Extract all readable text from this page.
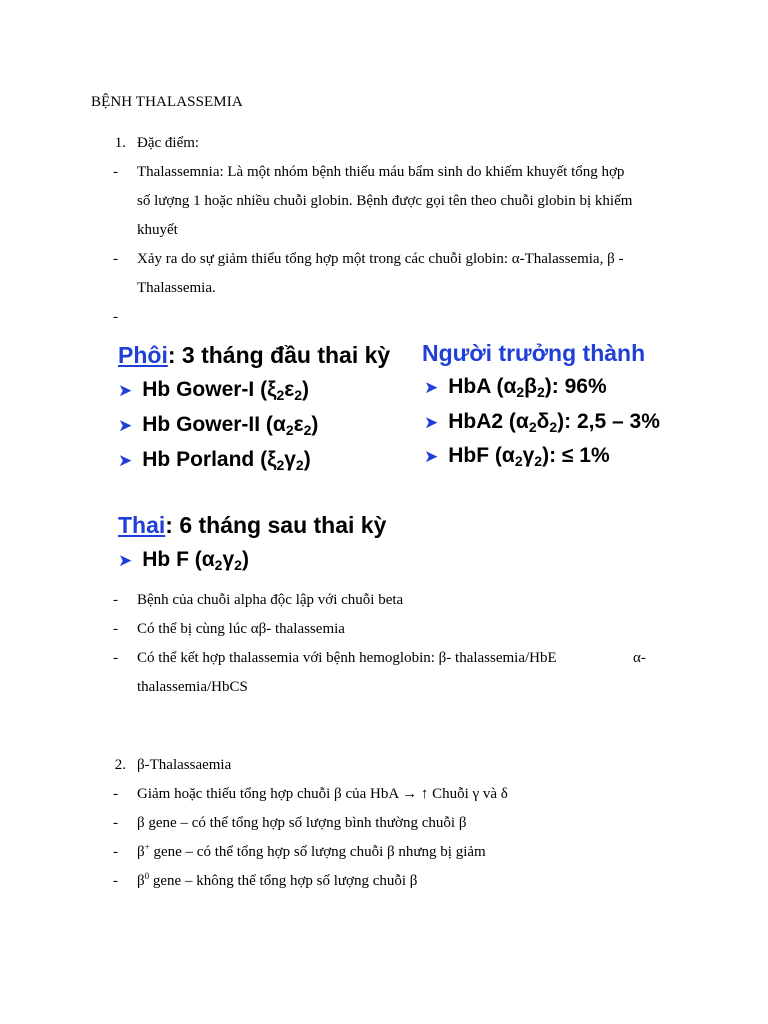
BỆNH THALASSEMIA
1. Đặc điểm:
- Thalassemnia: Là một nhóm bệnh thiếu máu bẩm sinh do khiếm khuyết tổng hợp
số lượng 1 hoặc nhiều chuỗi globin. Bệnh được gọi tên theo chuỗi globin bị khiếm
khuyết
- Xảy ra do sự giảm thiểu tổng hợp một trong các chuỗi globin: α-Thalassemia, β -
Thalassemia.
-
Phôi: 3 tháng đầu thai kỳ
➤ Hb Gower-I $(\xi_2\varepsilon_2)$
➤ Hb Gower-II $(\alpha_2\varepsilon_2)$
➤ Hb Porland $(\xi_2\gamma_2)$
Người trưởng thành
➤ HbA $(\alpha_2\beta_2)$: 96%
➤ HbA2 $(\alpha_2\delta_2)$: 2,5 – 3%
➤ HbF $(\alpha_2\gamma_2)$: ≤ 1%
Thai: 6 tháng sau thai kỳ
➤ Hb F $(\alpha_2\gamma_2)$
- Bệnh của chuỗi alpha độc lập với chuỗi beta
- Có thể bị cùng lúc αβ- thalassemia
- Có thể kết hợp thalassemia với bệnh hemoglobin: β- thalassemia/HbE	α-
thalassemia/HbCS
2. β-Thalassaemia
- Giảm hoặc thiếu tổng hợp chuỗi β của HbA → ↑ Chuỗi γ và δ
- β gene – có thể tổng hợp số lượng bình thường chuỗi β
- β+ gene – có thể tổng hợp số lượng chuỗi β nhưng bị giảm
- $\beta^0$ gene – không thể tổng hợp số lượng chuỗi β
